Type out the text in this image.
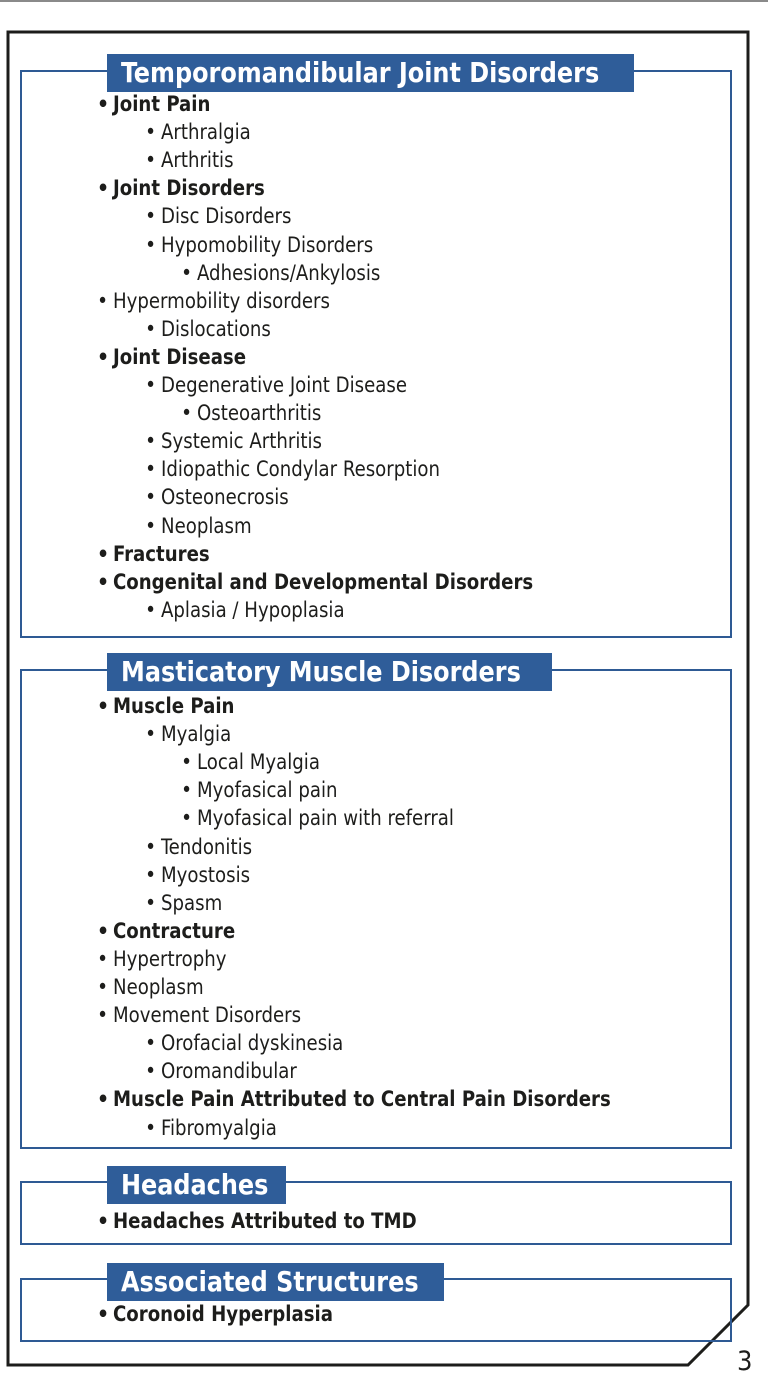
Temporomandibular Joint Disorders
• Joint Pain
• Arthralgia
• Arthritis
• Joint Disorders
• Disc Disorders
• Hypomobility Disorders
• Adhesions/Ankylosis
• Hypermobility disorders
• Dislocations
• Joint Disease
• Degenerative Joint Disease
• Osteoarthritis
• Systemic Arthritis
• Idiopathic Condylar Resorption
• Osteonecrosis
• Neoplasm
• Fractures
• Congenital and Developmental Disorders
• Aplasia / Hypoplasia
Masticatory Muscle Disorders
• Muscle Pain
• Myalgia
• Local Myalgia
• Myofasical pain
• Myofasical pain with referral
• Tendonitis
• Myostosis
• Spasm
• Contracture
• Hypertrophy
• Neoplasm
• Movement Disorders
• Orofacial dyskinesia
• Oromandibular
• Muscle Pain Attributed to Central Pain Disorders
• Fibromyalgia
Headaches
• Headaches Attributed to TMD
Associated Structures
• Coronoid Hyperplasia
3
